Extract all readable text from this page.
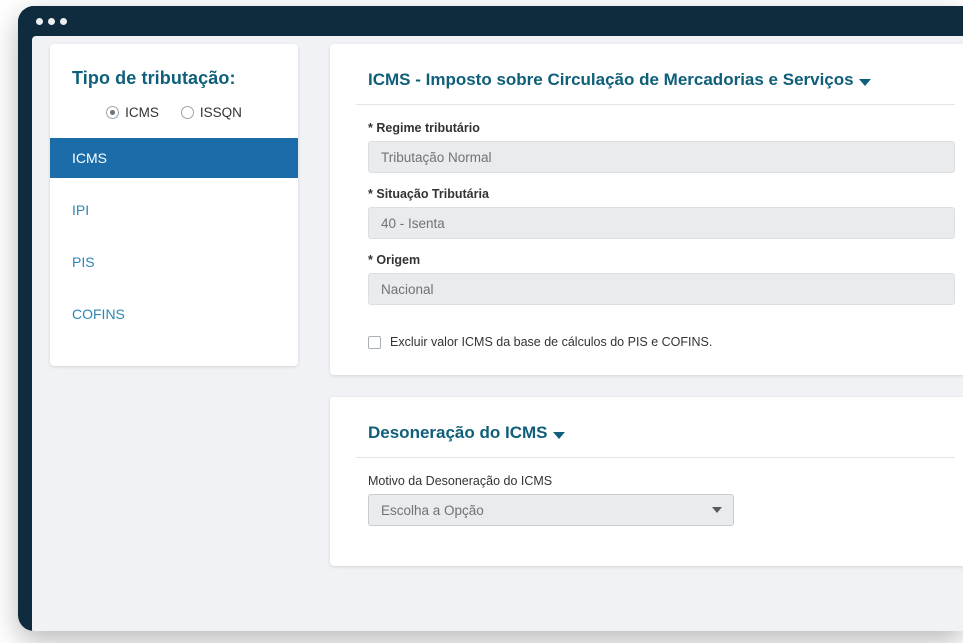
Tipo de tributação:
ICMS	ISSQN
ICMS
IPI
PIS
COFINS
ICMS - Imposto sobre Circulação de Mercadorias e Serviços
* Regime tributário
Tributação Normal
* Situação Tributária
40 - Isenta
* Origem
Nacional
Excluir valor ICMS da base de cálculos do PIS e COFINS.
Desoneração do ICMS
Motivo da Desoneração do ICMS
Escolha a Opção
